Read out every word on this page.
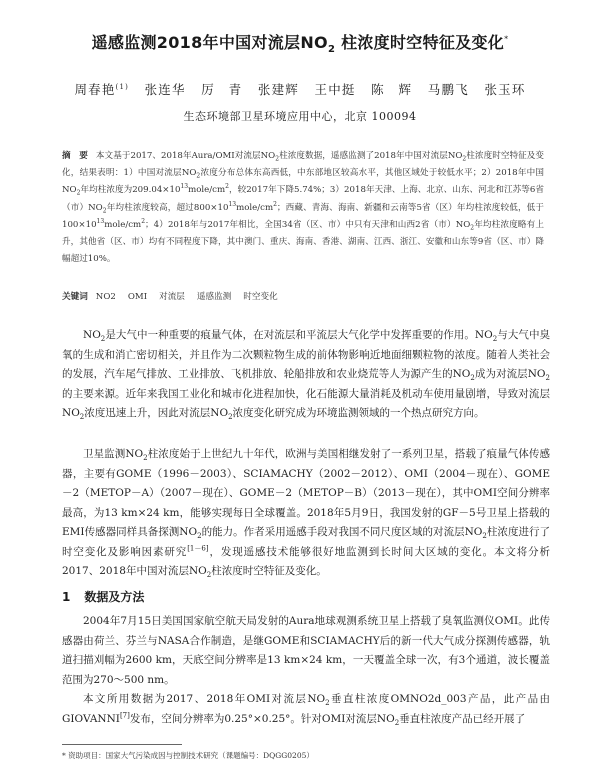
遥感监测2018年中国对流层$NO_2$ 柱浓度时空特征及变化*
周春艳$^{(1)}$ 张连华 厉　青 张建辉 王中挺 陈　辉 马鹏飞 张玉环
生态环境部卫星环境应用中心，北京 100094
摘　要 本文基于2017、2018年Aura/OMI对流层$NO_2$柱浓度数据，遥感监测了2018年中国对流层$NO_2$柱浓度时空特征及变化，结果表明：1）中国对流层$NO_2$浓度分布总体东高西低，中东部地区较高水平，其他区域处于较低水平；2）2018年中国$NO_2$年均柱浓度为$209.04\times 10^{13}mole/cm^2$，较2017年下降5.74%；3）2018年天津、上海、北京、山东、河北和江苏等6省（市）$NO_2$年均柱浓度较高，超过$800\times 10^{13}mole/cm^2$；西藏、青海、海南、新疆和云南等5省（区）年均柱浓度较低，低于$100\times 10^{13}mole/cm^2$；4）2018年与2017年相比，全国34省（区、市）中只有天津和山西2省（市）$NO_2$年均柱浓度略有上升，其他省（区、市）均有不同程度下降，其中澳门、重庆、海南、香港、湖南、江西、浙江、安徽和山东等9省（区、市）降幅超过10%。
关键词 NO2 OMI 对流层 遥感监测 时空变化
$NO_2$是大气中一种重要的痕量气体，在对流层和平流层大气化学中发挥重要的作用。$NO_2$与大气中臭氧的生成和消亡密切相关，并且作为二次颗粒物生成的前体物影响近地面细颗粒物的浓度。随着人类社会的发展，汽车尾气排放、工业排放、飞机排放、轮船排放和农业烧荒等人为源产生的$NO_2$成为对流层$NO_2$的主要来源。近年来我国工业化和城市化进程加快，化石能源大量消耗及机动车使用量剧增，导致对流层$NO_2$浓度迅速上升，因此对流层$NO_2$浓度变化研究成为环境监测领域的一个热点研究方向。
卫星监测$NO_2$柱浓度始于上世纪九十年代，欧洲与美国相继发射了一系列卫星，搭载了痕量气体传感器，主要有GOME（1996－2003）、SCIAMACHY（2002－2012）、OMI（2004－现在）、GOME－2（METOP－A）（2007－现在）、GOME－2（METOP－B）（2013－现在），其中OMI空间分辨率最高，为13 km×24 km，能够实现每日全球覆盖。2018年5月9日，我国发射的GF－5号卫星上搭载的EMI传感器同样具备探测$NO_2$的能力。作者采用遥感手段对我国不同尺度区域的对流层$NO_2$柱浓度进行了时空变化及影响因素研究[1－6]，发现遥感技术能够很好地监测到长时间大区域的变化。本文将分析2017、2018年中国对流层$NO_2$柱浓度时空特征及变化。
1 数据及方法
2004年7月15日美国国家航空航天局发射的Aura地球观测系统卫星上搭载了臭氧监测仪OMI。此传感器由荷兰、芬兰与NASA合作制造，是继GOME和SCIAMACHY后的新一代大气成分探测传感器，轨道扫描刈幅为2600 km，天底空间分辨率是13 km×24 km，一天覆盖全球一次，有3个通道，波长覆盖范围为270～500 nm。
本文所用数据为2017、2018年OMI对流层$NO_2$垂直柱浓度OMNO2d_003产品，此产品由GIOVANNI[7]发布，空间分辨率为0.25°×0.25°。针对OMI对流层$NO_2$垂直柱浓度产品已经开展了
* 资助项目：国家大气污染成因与控制技术研究（课题编号：DQGG0205）
